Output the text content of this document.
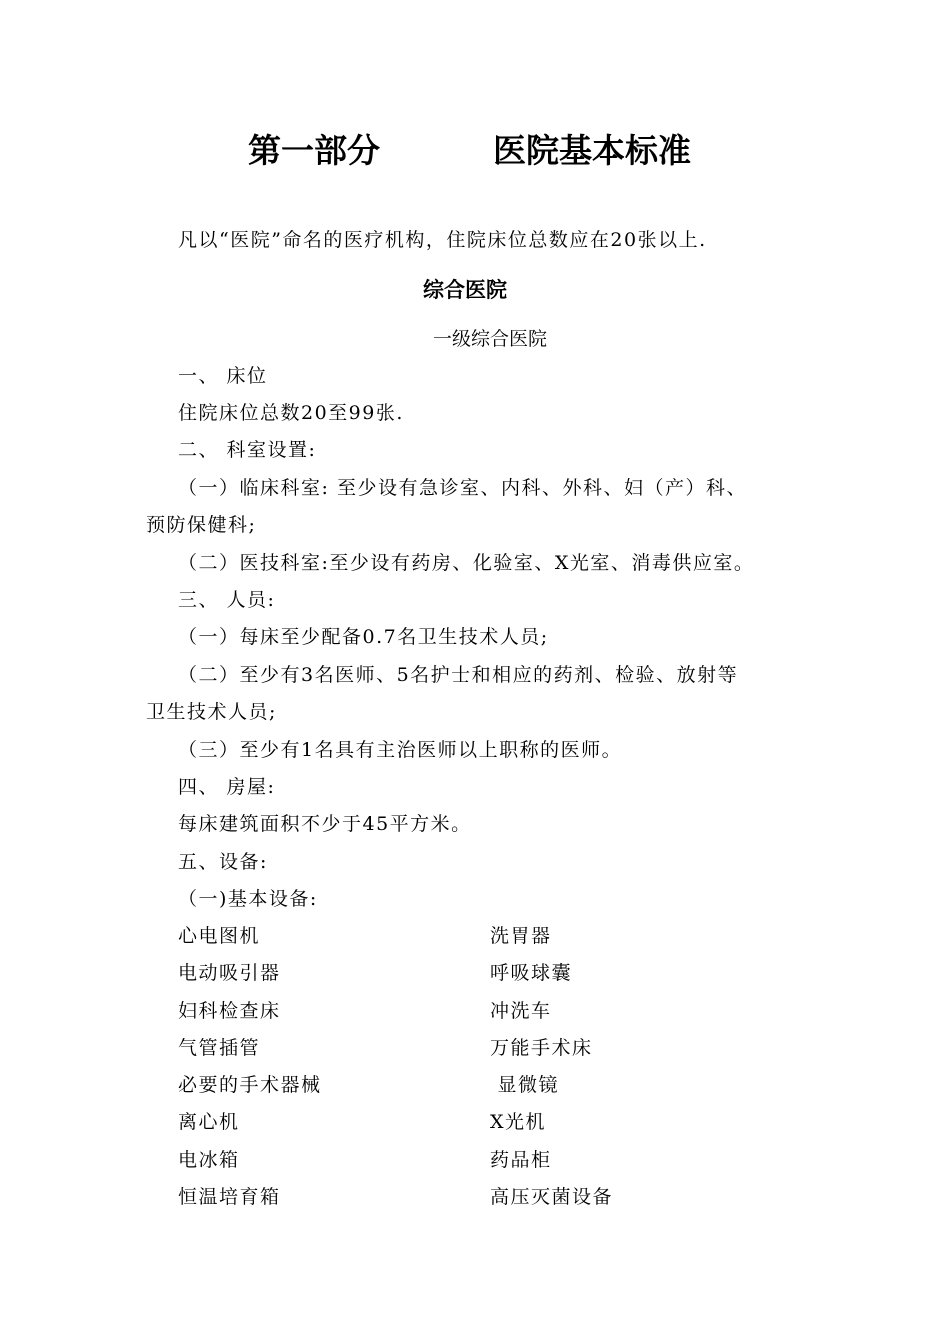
第一部分	医院基本标准
凡以“医院”命名的医疗机构，住院床位总数应在20张以上.
综合医院
一级综合医院
一、 床位
住院床位总数20至99张.
二、 科室设置:
（一）临床科室: 至少设有急诊室、内科、外科、妇（产）科、
预防保健科;
（二）医技科室:至少设有药房、化验室、X光室、消毒供应室。
三、 人员:
（一）每床至少配备0.7名卫生技术人员;
（二）至少有3名医师、5名护士和相应的药剂、检验、放射等
卫生技术人员;
（三）至少有1名具有主治医师以上职称的医师。
四、 房屋:
每床建筑面积不少于45平方米。
五、设备:
（一)基本设备:
心电图机
电动吸引器
妇科检查床
气管插管
必要的手术器械
离心机
电冰箱
恒温培育箱
洗胃器
呼吸球囊
冲洗车
万能手术床
显微镜
X光机
药品柜
高压灭菌设备
